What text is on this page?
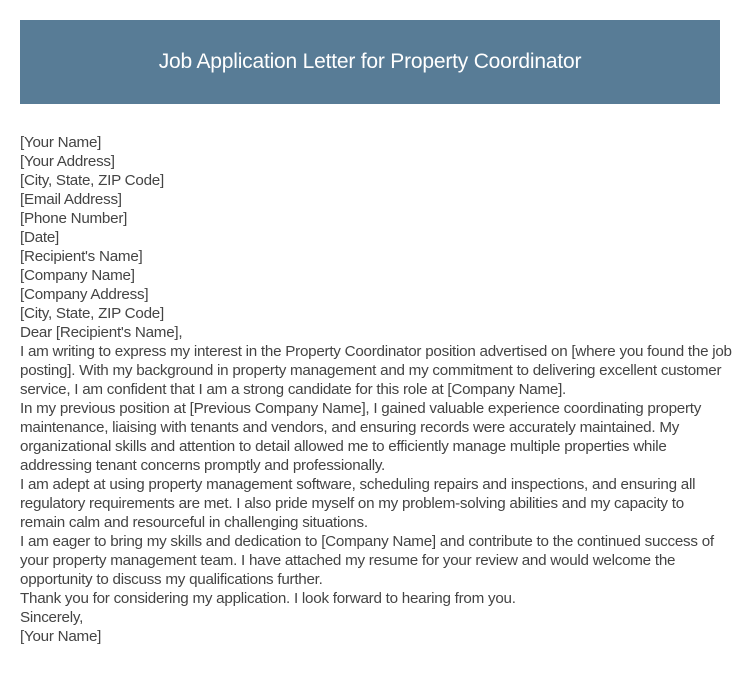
Job Application Letter for Property Coordinator

[Your Name]

[Your Address]

[City, State, ZIP Code]

[Email Address]

[Phone Number]

[Date]

[Recipient's Name]

[Company Name]

[Company Address]

[City, State, ZIP Code]

Dear [Recipient's Name],

I am writing to express my interest in the Property Coordinator position advertised on [where you found the job posting]. With my background in property management and my commitment to delivering excellent customer service, I am confident that I am a strong candidate for this role at [Company Name].

In my previous position at [Previous Company Name], I gained valuable experience coordinating property maintenance, liaising with tenants and vendors, and ensuring records were accurately maintained. My organizational skills and attention to detail allowed me to efficiently manage multiple properties while addressing tenant concerns promptly and professionally.

I am adept at using property management software, scheduling repairs and inspections, and ensuring all regulatory requirements are met. I also pride myself on my problem-solving abilities and my capacity to remain calm and resourceful in challenging situations.

I am eager to bring my skills and dedication to [Company Name] and contribute to the continued success of your property management team. I have attached my resume for your review and would welcome the opportunity to discuss my qualifications further.

Thank you for considering my application. I look forward to hearing from you.

Sincerely,

[Your Name]
